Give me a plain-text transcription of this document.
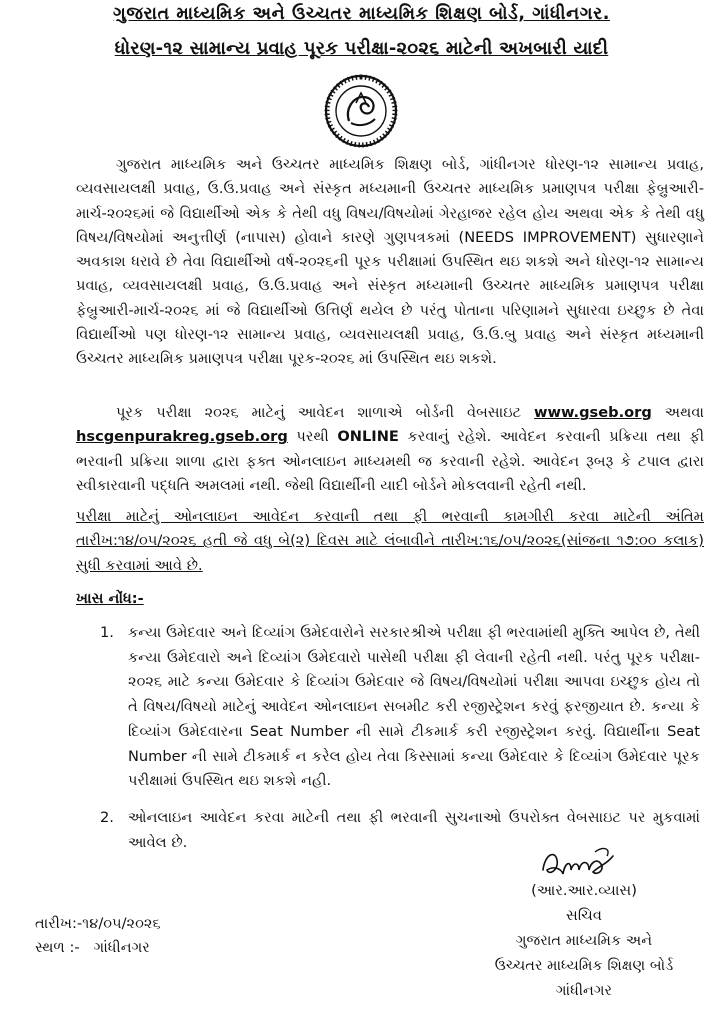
ગુજરાત માધ્યમિક અને ઉચ્ચતર માધ્યમિક શિક્ષણ બોર્ડ, ગાંધીનગર.
ધોરણ-૧૨ સામાન્ય પ્રવાહ પૂરક પરીક્ષા-૨૦૨૬ માટેની અખબારી યાદી
ગુજરાત માધ્યમિક અને ઉચ્ચતર માધ્યમિક શિક્ષણ બોર્ડ, ગાંધીનગર ધોરણ-૧૨ સામાન્ય પ્રવાહ, વ્યવસાયલક્ષી પ્રવાહ, ઉ.ઉ.પ્રવાહ અને સંસ્કૃત મધ્યમાની ઉચ્ચતર માધ્યમિક પ્રમાણપત્ર પરીક્ષા ફેબ્રુઆરી-માર્ચ-૨૦૨૬માં જે વિદ્યાર્થીઓ એક કે તેથી વધુ વિષય/વિષયોમાં ગેરહાજર રહેલ હોય અથવા એક કે તેથી વધુ વિષય/વિષયોમાં અનુત્તીર્ણ (નાપાસ) હોવાને કારણે ગુણપત્રકમાં (NEEDS IMPROVEMENT) સુધારણાને અવકાશ ધરાવે છે તેવા વિદ્યાર્થીઓ વર્ષ-૨૦૨૬ની પૂરક પરીક્ષામાં ઉપસ્થિત થઇ શકશે અને ધોરણ-૧૨ સામાન્ય પ્રવાહ, વ્યવસાયલક્ષી પ્રવાહ, ઉ.ઉ.પ્રવાહ અને સંસ્કૃત મધ્યમાની ઉચ્ચતર માધ્યમિક પ્રમાણપત્ર પરીક્ષા ફેબ્રુઆરી-માર્ચ-૨૦૨૬ માં જે વિદ્યાર્થીઓ ઉત્તિર્ણ થયેલ છે પરંતુ પોતાના પરિણામને સુધારવા ઇચ્છુક છે તેવા વિદ્યાર્થીઓ પણ ધોરણ-૧૨ સામાન્ય પ્રવાહ, વ્યવસાયલક્ષી પ્રવાહ, ઉ.ઉ.બુ પ્રવાહ અને સંસ્કૃત મધ્યમાની ઉચ્ચતર માધ્યમિક પ્રમાણપત્ર પરીક્ષા પૂરક-૨૦૨૬ માં ઉપસ્થિત થઇ શકશે.
પૂરક પરીક્ષા ૨૦૨૬ માટેનું આવેદન શાળાએ બોર્ડની વેબસાઇટ www.gseb.org અથવા hscgenpurakreg.gseb.org પરથી ONLINE કરવાનું રહેશે. આવેદન કરવાની પ્રક્રિયા તથા ફી ભરવાની પ્રક્રિયા શાળા દ્વારા ફક્ત ઓનલાઇન માધ્યમથી જ કરવાની રહેશે. આવેદન રૂબરૂ કે ટપાલ દ્વારા સ્વીકારવાની પદ્ધતિ અમલમાં નથી. જેથી વિદ્યાર્થીની યાદી બોર્ડને મોકલવાની રહેતી નથી.
પરીક્ષા માટેનું ઓનલાઇન આવેદન કરવાની તથા ફી ભરવાની કામગીરી કરવા માટેની અંતિમ તારીખ:૧૪/૦૫/૨૦૨૬ હતી જે વધુ બે(૨) દિવસ માટે લંબાવીને તારીખ:૧૬/૦૫/૨૦૨૬(સાંજના ૧૭:૦૦ કલાક) સુધી કરવામાં આવે છે.
ખાસ નોંધ:-
1. કન્યા ઉમેદવાર અને દિવ્યાંગ ઉમેદવારોને સરકારશ્રીએ પરીક્ષા ફી ભરવામાંથી મુક્તિ આપેલ છે, તેથી કન્યા ઉમેદવારો અને દિવ્યાંગ ઉમેદવારો પાસેથી પરીક્ષા ફી લેવાની રહેતી નથી. પરંતુ પૂરક પરીક્ષા- ૨૦૨૬ માટે કન્યા ઉમેદવાર કે દિવ્યાંગ ઉમેદવાર જે વિષય/વિષયોમાં પરીક્ષા આપવા ઇચ્છુક હોય તો તે વિષય/વિષયો માટેનું આવેદન ઓનલાઇન સબમીટ કરી રજીસ્ટ્રેશન કરવું ફરજીયાત છે. કન્યા કે દિવ્યાંગ ઉમેદવારના Seat Number ની સામે ટીકમાર્ક કરી રજીસ્ટ્રેશન કરવું. વિદ્યાર્થીના Seat Number ની સામે ટીકમાર્ક ન કરેલ હોય તેવા કિસ્સામાં કન્યા ઉમેદવાર કે દિવ્યાંગ ઉમેદવાર પૂરક પરીક્ષામાં ઉપસ્થિત થઇ શકશે નહી.
2. ઓનલાઇન આવેદન કરવા માટેની તથા ફી ભરવાની સુચનાઓ ઉપરોક્ત વેબસાઇટ પર મુકવામાં આવેલ છે.
(આર.આર.વ્યાસ)
સચિવ
ગુજરાત માધ્યમિક અને
ઉચ્ચતર માધ્યમિક શિક્ષણ બોર્ડ
ગાંધીનગર
તારીખ:-૧૪/૦૫/૨૦૨૬
સ્થળ :-   ગાંધીનગર
